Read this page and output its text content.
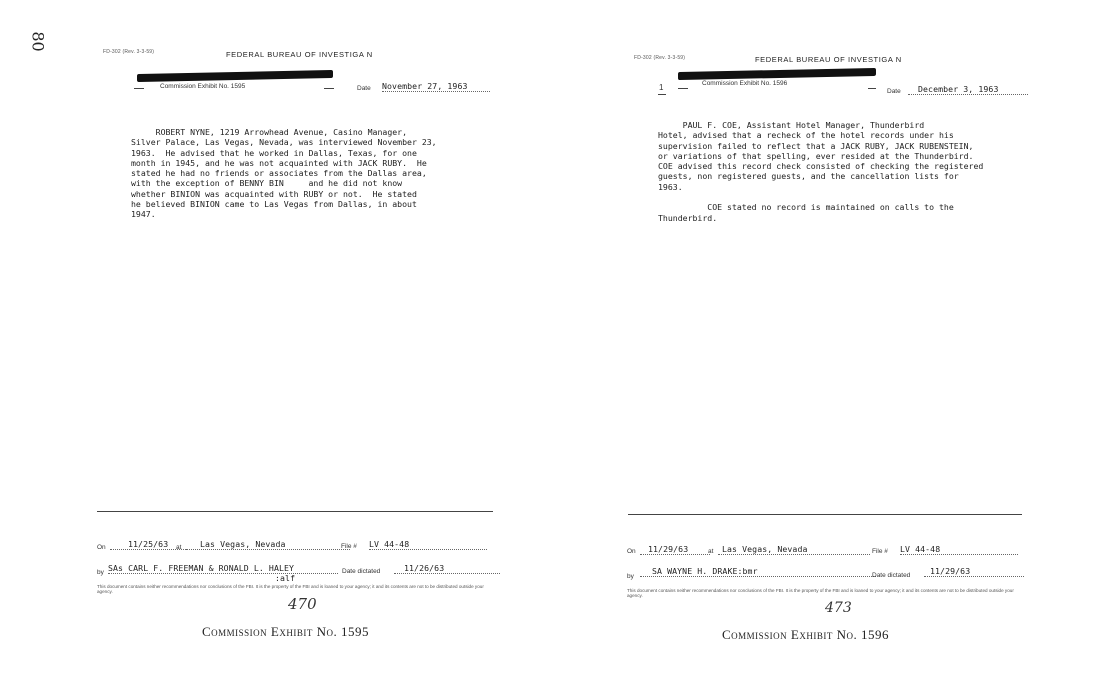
80
FD-302 (Rev. 3-3-59)	FEDERAL BUREAU OF INVESTIGA N
Commission Exhibit No. 1595	Date November 27, 1963
ROBERT NYNE, 1219 Arrowhead Avenue, Casino Manager,
Silver Palace, Las Vegas, Nevada, was interviewed November 23,
1963.  He advised that he worked in Dallas, Texas, for one
month in 1945, and he was not acquainted with JACK RUBY.  He
stated he had no friends or associates from the Dallas area,
with the exception of BENNY BIN     and he did not know
whether BINION was acquainted with RUBY or not.  He stated
he believed BINION came to Las Vegas from Dallas, in about
1947.
On	11/25/63	at	Las Vegas, Nevada	File # LV 44-48
by SAs CARL F. FREEMAN & RONALD L. HALEY
:alf
Date dictated	11/26/63
This document contains neither recommendations nor conclusions of the FBI. It is the property of the FBI and is loaned to your agency; it and its contents are not to be distributed outside your agency.
470
Commission Exhibit No. 1595
FD-302 (Rev. 3-3-59)	FEDERAL BUREAU OF INVESTIGA N
1	Commission Exhibit No. 1596
Date	December 3, 1963
PAUL F. COE, Assistant Hotel Manager, Thunderbird
Hotel, advised that a recheck of the hotel records under his
supervision failed to reflect that a JACK RUBY, JACK RUBENSTEIN,
or variations of that spelling, ever resided at the Thunderbird.
COE advised this record check consisted of checking the registered
guests, non registered guests, and the cancellation lists for
1963.

COE stated no record is maintained on calls to the
Thunderbird.
On	11/29/63	at	Las Vegas, Nevada	File # LV 44-48
by
SA WAYNE H. DRAKE:bmr	Date dictated	11/29/63
This document contains neither recommendations nor conclusions of the FBI. It is the property of the FBI and is loaned to your agency; it and its contents are not to be distributed outside your agency.
473
Commission Exhibit No. 1596
